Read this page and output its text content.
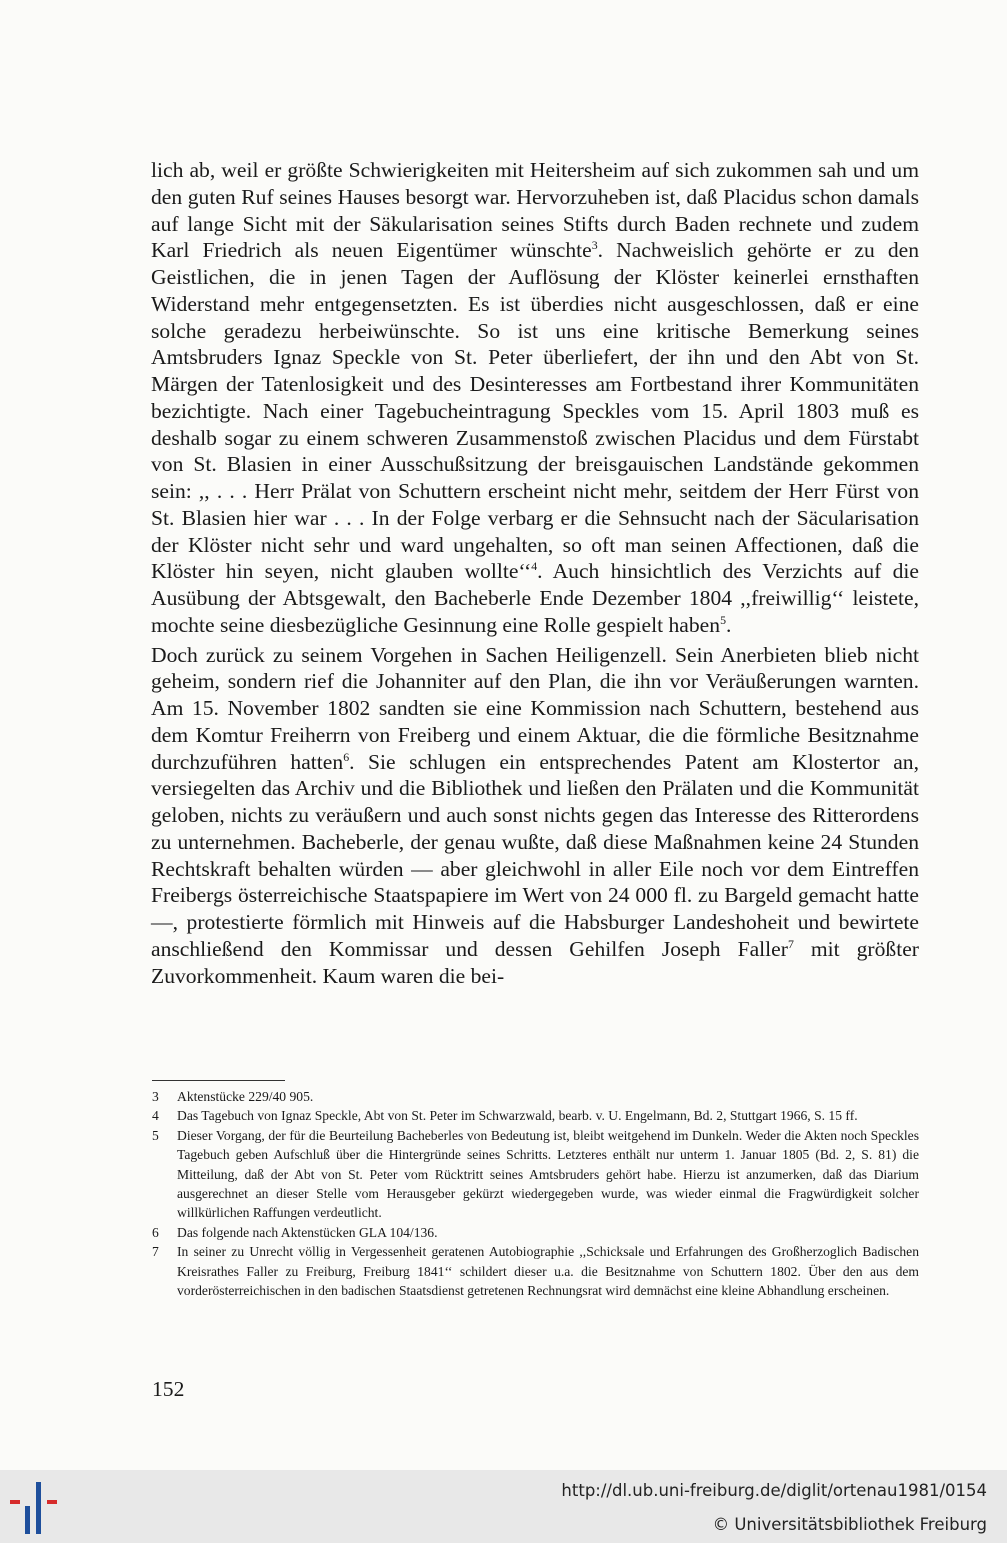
lich ab, weil er größte Schwierigkeiten mit Heitersheim auf sich zukommen sah und um den guten Ruf seines Hauses besorgt war. Hervorzuheben ist, daß Placidus schon damals auf lange Sicht mit der Säkularisation seines Stifts durch Baden rechnete und zudem Karl Friedrich als neuen Eigentümer wünschte$^3$. Nachweislich gehörte er zu den Geistlichen, die in jenen Tagen der Auflösung der Klöster keinerlei ernsthaften Widerstand mehr entgegensetzten. Es ist überdies nicht ausgeschlossen, daß er eine solche geradezu herbeiwünschte. So ist uns eine kritische Bemerkung seines Amtsbruders Ignaz Speckle von St. Peter überliefert, der ihn und den Abt von St. Märgen der Tatenlosigkeit und des Desinteresses am Fortbestand ihrer Kommunitäten bezichtigte. Nach einer Tagebucheintragung Speckles vom 15. April 1803 muß es deshalb sogar zu einem schweren Zusammenstoß zwischen Placidus und dem Fürstabt von St. Blasien in einer Ausschußsitzung der breisgauischen Landstände gekommen sein: ,, . . . Herr Prälat von Schuttern erscheint nicht mehr, seitdem der Herr Fürst von St. Blasien hier war . . . In der Folge verbarg er die Sehnsucht nach der Säcularisation der Klöster nicht sehr und ward ungehalten, so oft man seinen Affectionen, daß die Klöster hin seyen, nicht glauben wollte‘‘$^4$. Auch hinsichtlich des Verzichts auf die Ausübung der Abtsgewalt, den Bacheberle Ende Dezember 1804 ,,freiwillig‘‘ leistete, mochte seine diesbezügliche Gesinnung eine Rolle gespielt haben$^5$.

Doch zurück zu seinem Vorgehen in Sachen Heiligenzell. Sein Anerbieten blieb nicht geheim, sondern rief die Johanniter auf den Plan, die ihn vor Veräußerungen warnten. Am 15. November 1802 sandten sie eine Kommission nach Schuttern, bestehend aus dem Komtur Freiherrn von Freiberg und einem Aktuar, die die förmliche Besitznahme durchzuführen hatten$^6$. Sie schlugen ein entsprechendes Patent am Klostertor an, versiegelten das Archiv und die Bibliothek und ließen den Prälaten und die Kommunität geloben, nichts zu veräußern und auch sonst nichts gegen das Interesse des Ritterordens zu unternehmen. Bacheberle, der genau wußte, daß diese Maßnahmen keine 24 Stunden Rechtskraft behalten würden — aber gleichwohl in aller Eile noch vor dem Eintreffen Freibergs österreichische Staatspapiere im Wert von 24 000 fl. zu Bargeld gemacht hatte —, protestierte förmlich mit Hinweis auf die Habsburger Landeshoheit und bewirtete anschließend den Kommissar und dessen Gehilfen Joseph Faller$^7$ mit größter Zuvorkommenheit. Kaum waren die bei-

3	Aktenstücke 229/40 905.
4	Das Tagebuch von Ignaz Speckle, Abt von St. Peter im Schwarzwald, bearb. v. U. Engelmann, Bd. 2, Stuttgart 1966, S. 15 ff.
5	Dieser Vorgang, der für die Beurteilung Bacheberles von Bedeutung ist, bleibt weitgehend im Dunkeln. Weder die Akten noch Speckles Tagebuch geben Aufschluß über die Hintergründe seines Schritts. Letzteres enthält nur unterm 1. Januar 1805 (Bd. 2, S. 81) die Mitteilung, daß der Abt von St. Peter vom Rücktritt seines Amtsbruders gehört habe. Hierzu ist anzumerken, daß das Diarium ausgerechnet an dieser Stelle vom Herausgeber gekürzt wiedergegeben wurde, was wieder einmal die Fragwürdigkeit solcher willkürlichen Raffungen verdeutlicht.
6	Das folgende nach Aktenstücken GLA 104/136.
7	In seiner zu Unrecht völlig in Vergessenheit geratenen Autobiographie ,,Schicksale und Erfahrungen des Großherzoglich Badischen Kreisrathes Faller zu Freiburg, Freiburg 1841‘‘ schildert dieser u.a. die Besitznahme von Schuttern 1802. Über den aus dem vorderösterreichischen in den badischen Staatsdienst getretenen Rechnungsrat wird demnächst eine kleine Abhandlung erscheinen.
152
http://dl.ub.uni-freiburg.de/diglit/ortenau1981/0154
© Universitätsbibliothek Freiburg
